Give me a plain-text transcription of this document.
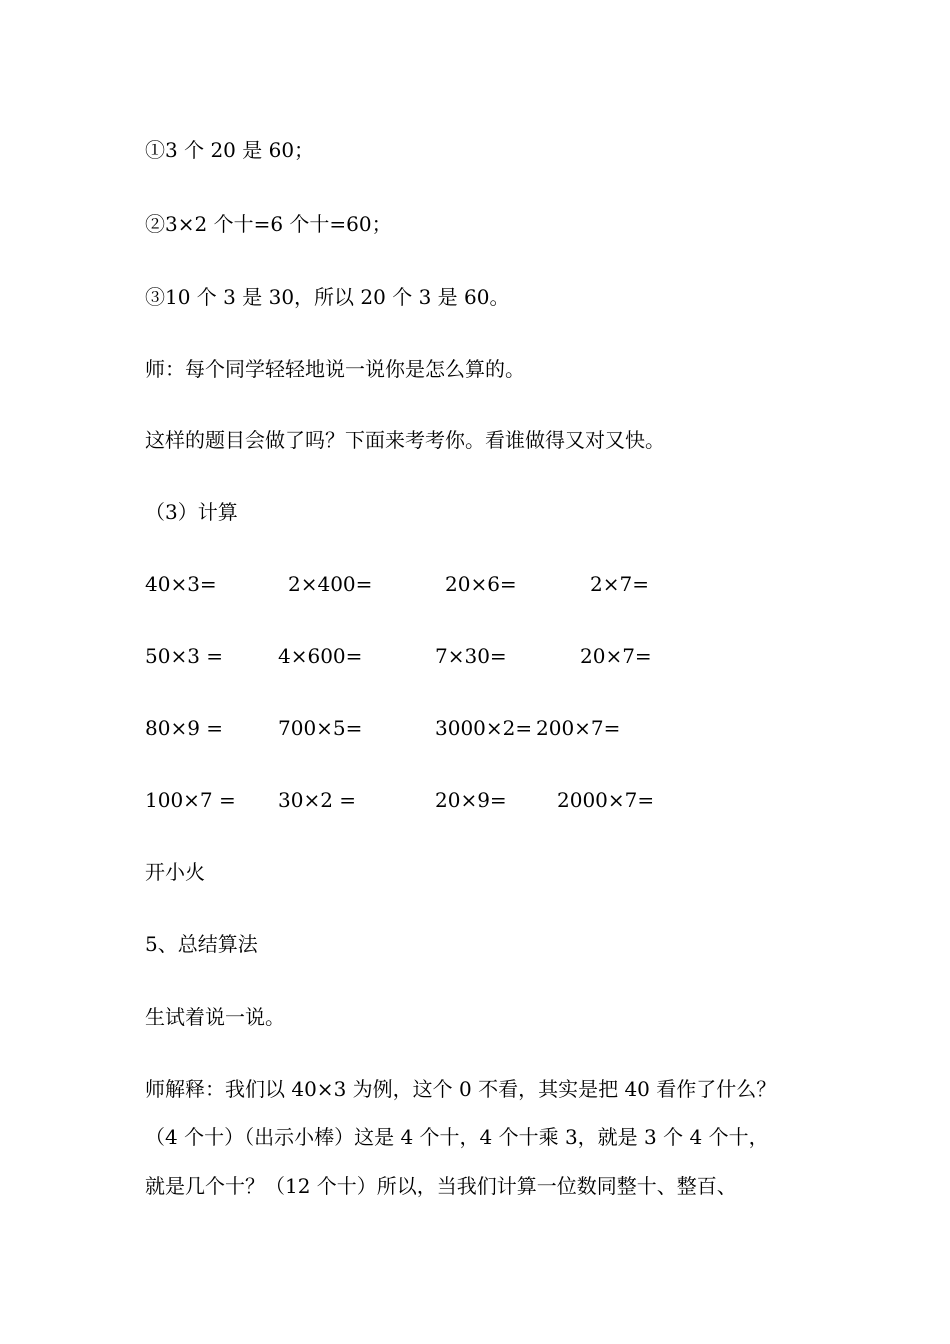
①3 个 20 是 60；
②3×2 个十=6 个十=60；
③10 个 3 是 30，所以 20 个 3 是 60。
师：每个同学轻轻地说一说你是怎么算的。
这样的题目会做了吗？下面来考考你。看谁做得又对又快。
（3）计算
40×3=	2×400=	20×6=	2×7=
50×3 =	4×600=	7×30=	20×7=
80×9 =	700×5=	3000×2= 200×7=
100×7 = 30×2 =	20×9=	2000×7=
开小火
5、总结算法
生试着说一说。
师解释：我们以 40×3 为例，这个 0 不看，其实是把 40 看作了什么？
（4 个十）（出示小棒）这是 4 个十，4 个十乘 3，就是 3 个 4 个十，
就是几个十？（12 个十）所以，当我们计算一位数同整十、整百、
